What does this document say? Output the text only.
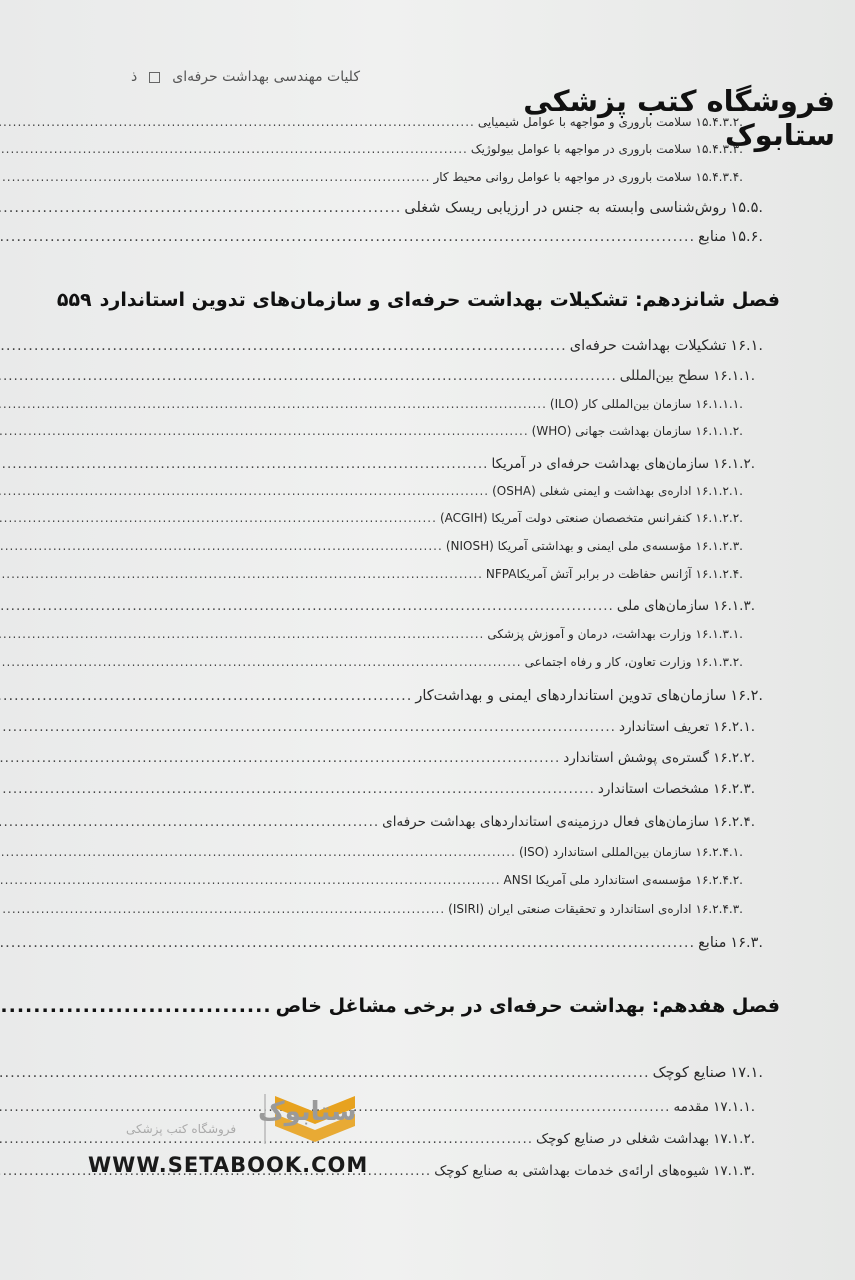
کلیات مهندسی بهداشت حرفه‌ای
ذ
فروشگاه کتب پزشکی ستابوک
۱۵.۴.۳.۲.
سلامت باروری و مواجهه با عوامل شیمیایی
.....
۱۵.۴.۳.۳.
سلامت باروری در مواجهه با عوامل بیولوژیک
.....
۱۵.۴.۳.۴.
سلامت باروری در مواجهه با عوامل روانی محیط کار
.....
۱۵.۵.
روش‌شناسی وابسته به جنس در ارزیابی ریسک شغلی
.....
۱۵.۶.
منابع
.....
فصل شانزدهم: تشکیلات بهداشت حرفه‌ای و سازمان‌های تدوین استاندارد
۵۵۹
۱۶.۱.
تشکیلات بهداشت حرفه‌ای
.....
۱۶.۱.۱.
سطح بین‌المللی
.....
۱۶.۱.۱.۱.
سازمان بین‌المللی کار (ILO)
.....
۱۶.۱.۱.۲.
سازمان بهداشت جهانی (WHO)
.....
۱۶.۱.۲.
سازمان‌های بهداشت حرفه‌ای در آمریکا
.....
۱۶.۱.۲.۱.
اداره‌ی بهداشت و ایمنی شغلی (OSHA)
.....
۱۶.۱.۲.۲.
کنفرانس متخصصان صنعتی دولت آمریکا (ACGIH)
.....
۱۶.۱.۲.۳.
مؤسسه‌ی ملی ایمنی و بهداشتی آمریکا (NIOSH)
.....
۱۶.۱.۲.۴.
آژانس حفاظت در برابر آتش آمریکاNFPA
.....
۱۶.۱.۳.
سازمان‌های ملی
.....
۱۶.۱.۳.۱.
وزارت بهداشت، درمان و آموزش پزشکی
.....
۱۶.۱.۳.۲.
وزارت تعاون، کار و رفاه اجتماعی
.....
۱۶.۲.
سازمان‌های تدوین استانداردهای ایمنی و بهداشت‌کار
.....
۱۶.۲.۱.
تعریف استاندارد
.....
۱۶.۲.۲.
گستره‌ی پوشش استاندارد
.....
۱۶.۲.۳.
مشخصات استاندارد
.....
۱۶.۲.۴.
سازمان‌های فعال درزمینه‌ی استانداردهای بهداشت حرفه‌ای
.....
۱۶.۲.۴.۱.
سازمان بین‌المللی استاندارد (ISO)
.....
۱۶.۲.۴.۲.
مؤسسه‌ی استاندارد ملی آمریکا ANSI
.....
۱۶.۲.۴.۳.
اداره‌ی استاندارد و تحقیقات صنعتی ایران (ISIRI)
.....
۱۶.۳.
منابع
.....
فصل هفدهم: بهداشت حرفه‌ای در برخی مشاغل خاص
.....
۱۷.۱.
صنایع کوچک
.....
۱۷.۱.۱.
مقدمه
.....
۱۷.۱.۲.
بهداشت شغلی در صنایع کوچک
.....
۱۷.۱.۳.
شیوه‌های ارائه‌ی خدمات بهداشتی به صنایع کوچک
.....
ستابوک
فروشگاه کتب پزشکی
WWW.SETABOOK.COM
